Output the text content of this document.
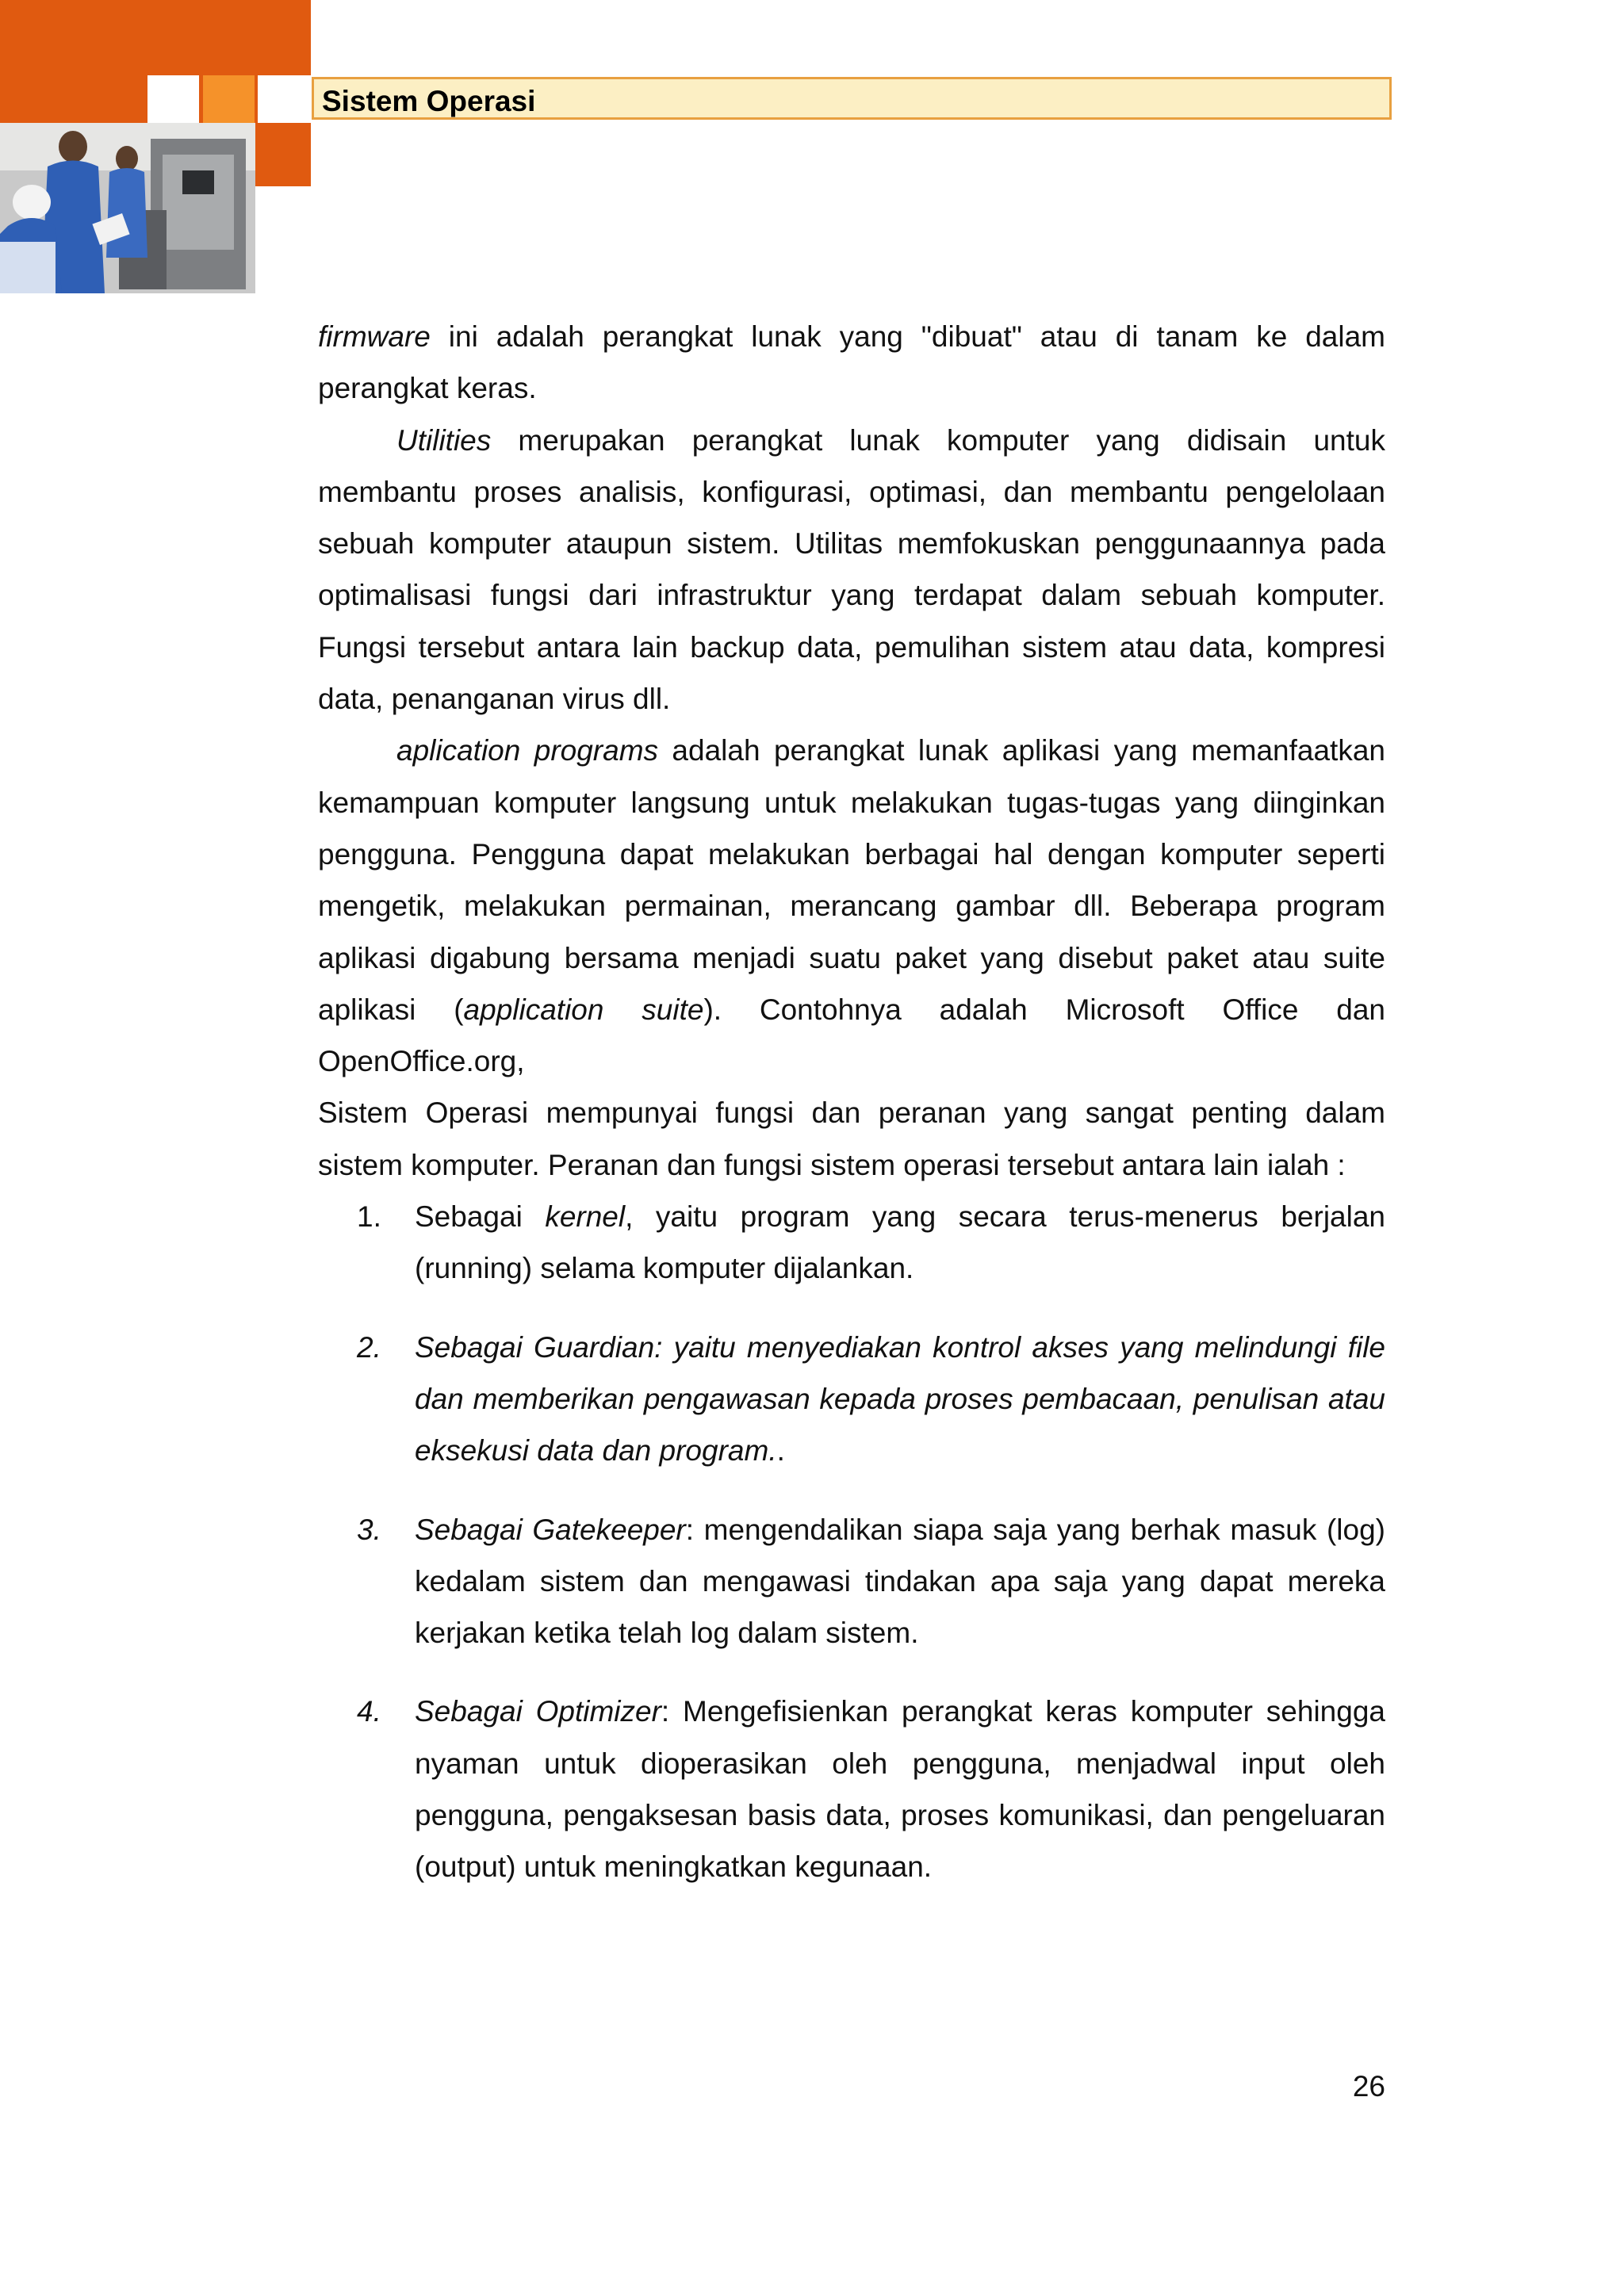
Sistem Operasi

firmware ini adalah perangkat lunak yang "dibuat" atau di tanam ke dalam perangkat keras.

Utilities merupakan perangkat lunak komputer yang didisain untuk membantu proses analisis, konfigurasi, optimasi, dan membantu pengelolaan sebuah komputer ataupun sistem. Utilitas memfokuskan penggunaannya pada optimalisasi fungsi dari infrastruktur yang terdapat dalam sebuah komputer. Fungsi tersebut antara lain backup data, pemulihan sistem atau data, kompresi data, penanganan virus dll.

aplication programs adalah perangkat lunak aplikasi yang memanfaatkan kemampuan komputer langsung untuk melakukan tugas-tugas yang diinginkan pengguna. Pengguna dapat melakukan berbagai hal dengan komputer seperti mengetik, melakukan permainan, merancang gambar dll. Beberapa program aplikasi digabung bersama menjadi suatu paket yang disebut paket atau suite aplikasi (application suite). Contohnya adalah Microsoft Office dan OpenOffice.org,

Sistem Operasi mempunyai fungsi dan peranan yang sangat penting dalam sistem komputer. Peranan dan fungsi sistem operasi tersebut antara lain ialah :

1. Sebagai kernel, yaitu program yang secara terus-menerus berjalan (running) selama komputer dijalankan.
2. Sebagai Guardian: yaitu menyediakan kontrol akses yang melindungi file dan memberikan pengawasan kepada proses pembacaan, penulisan atau eksekusi data dan program..
3. Sebagai Gatekeeper: mengendalikan siapa saja yang berhak masuk (log) kedalam sistem dan mengawasi tindakan apa saja yang dapat mereka kerjakan ketika telah log dalam sistem.
4. Sebagai Optimizer: Mengefisienkan perangkat keras komputer sehingga nyaman untuk dioperasikan oleh pengguna, menjadwal input oleh pengguna, pengaksesan basis data, proses komunikasi, dan pengeluaran (output) untuk meningkatkan kegunaan.
26
